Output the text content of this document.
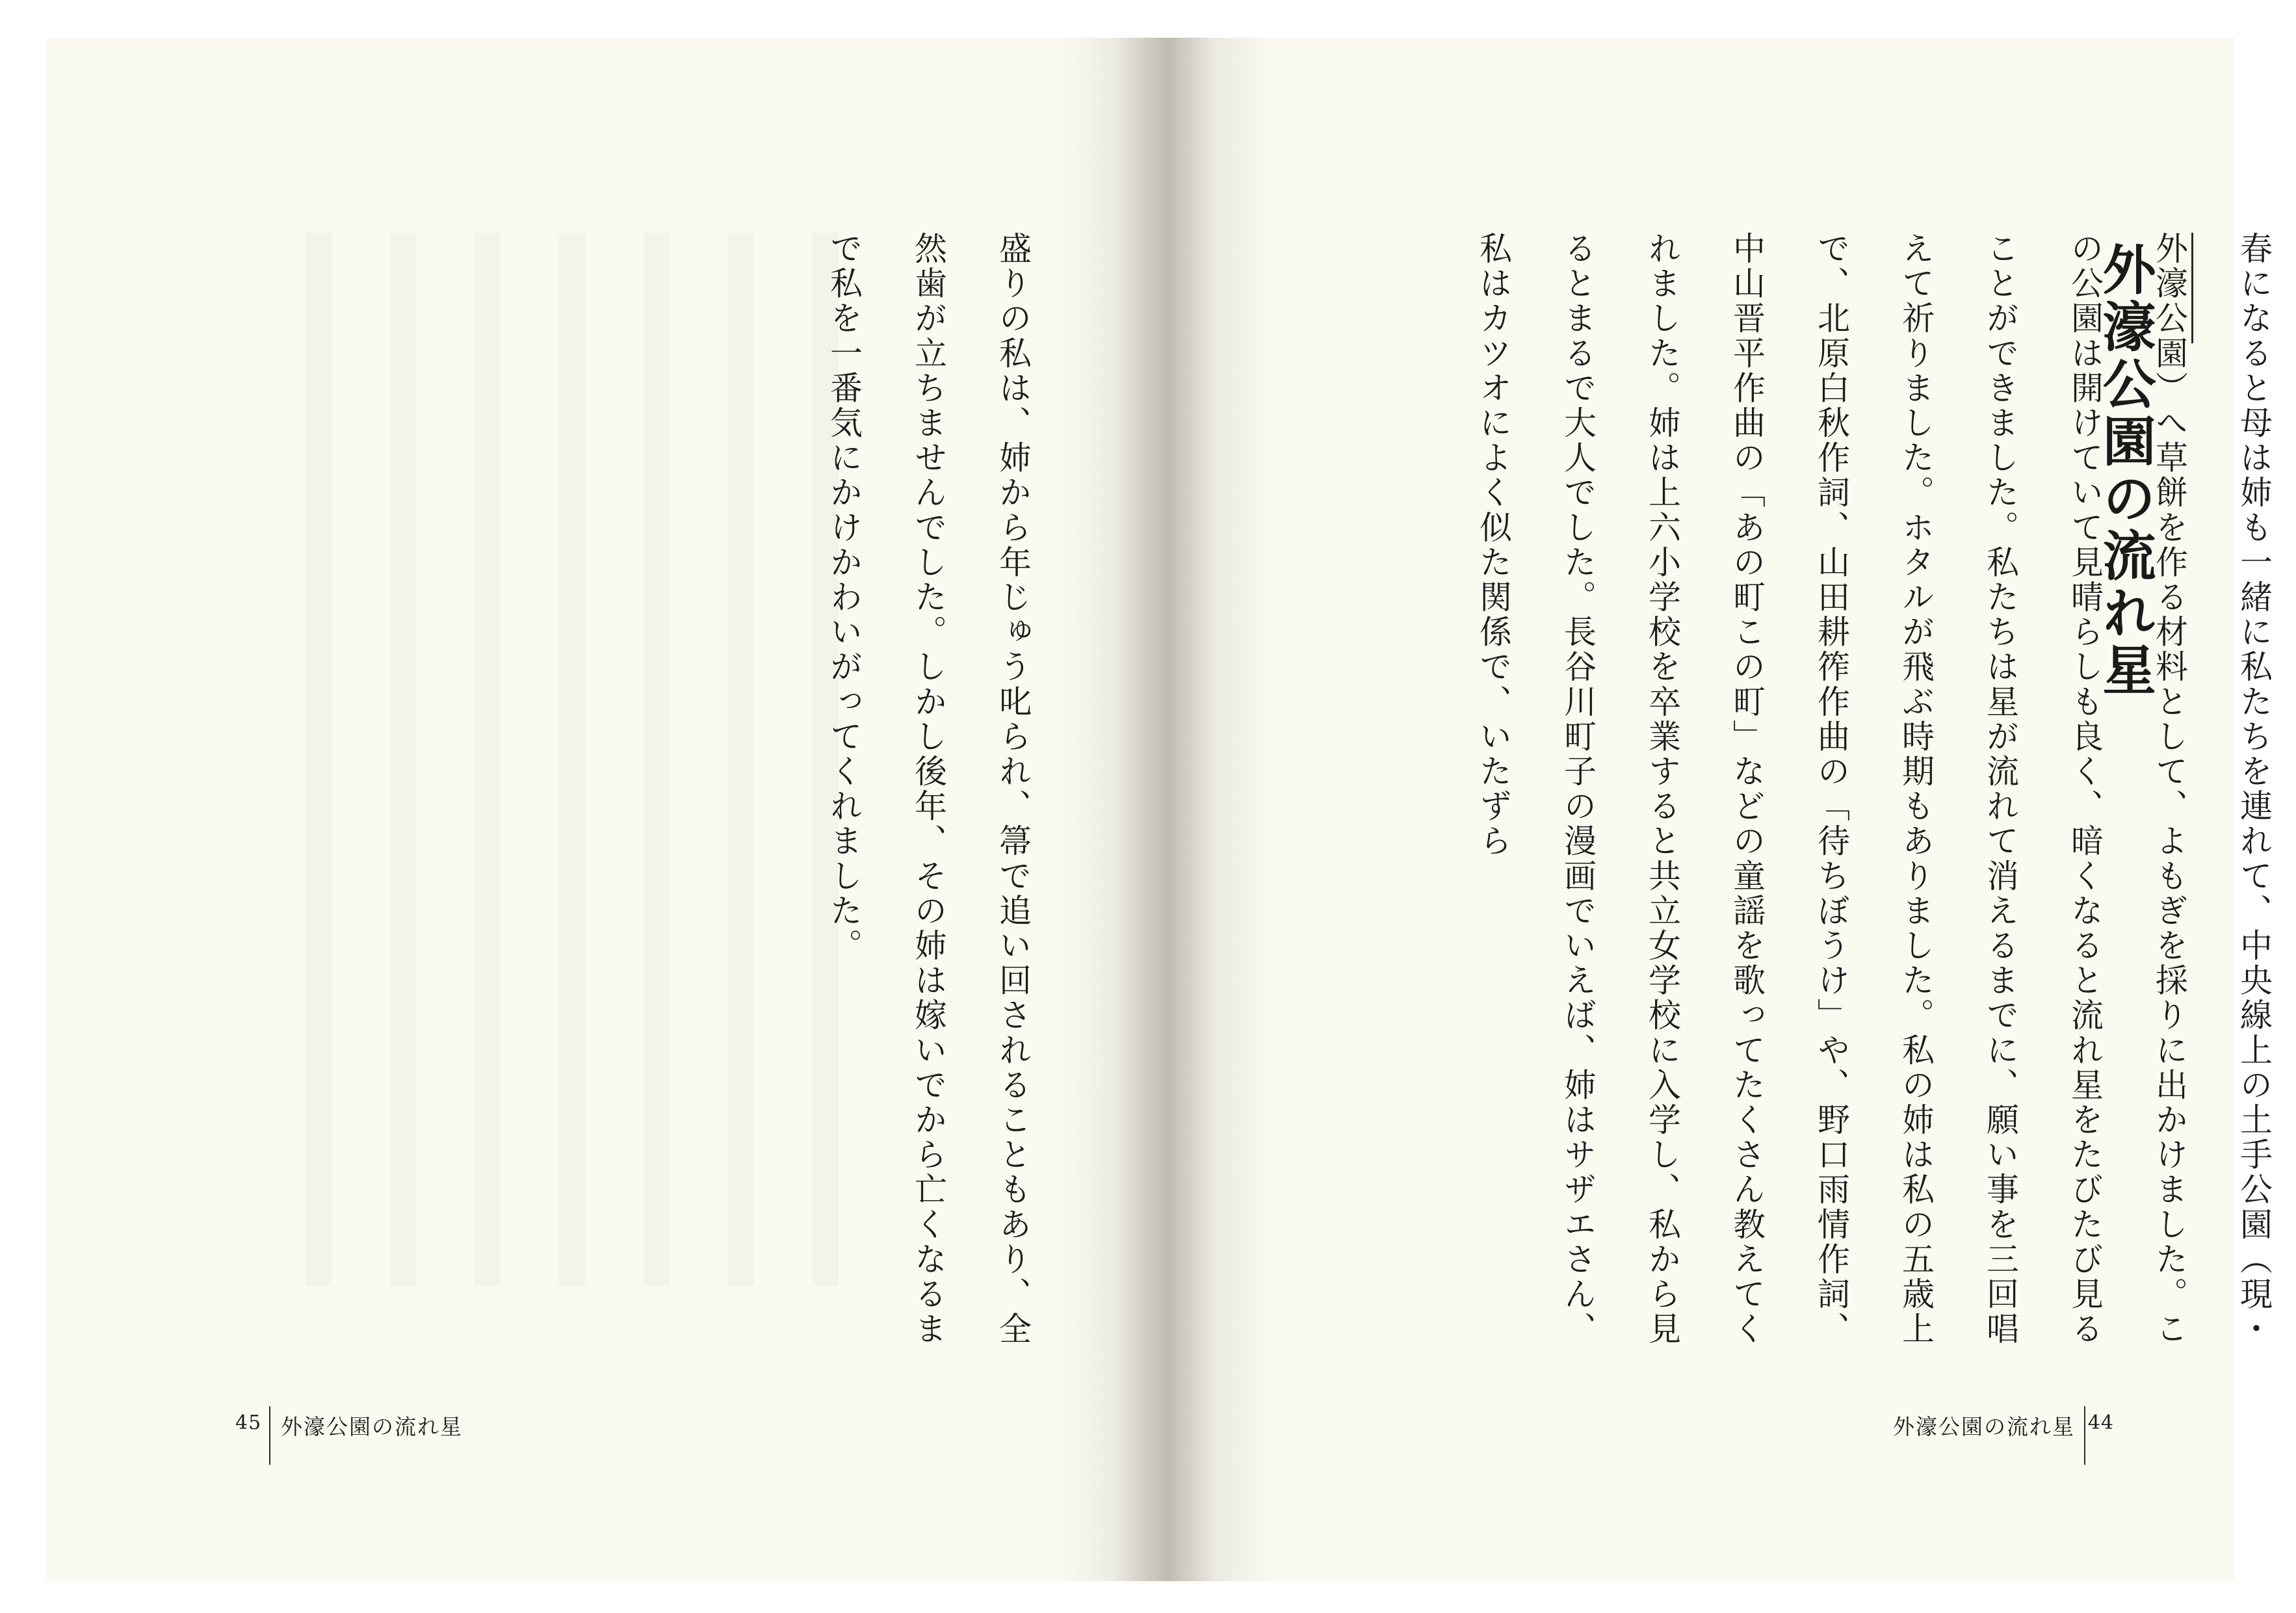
盛りの私は、姉から年じゅう叱られ、箒で追い回されることもあり、全然歯が立ちませんでした。しかし後年、その姉は嫁いでから亡くなるまで私を一番気にかけかわいがってくれました。

45 外濠公園の流れ星
外濠公園の流れ星	春になると母は姉も一緒に私たちを連れて、中央線上の土手公園（現・外濠公園）へ草餅を作る材料として、よもぎを採りに出かけました。この公園は開けていて見晴らしも良く、暗くなると流れ星をたびたび見ることができました。私たちは星が流れて消えるまでに、願い事を三回唱えて祈りました。ホタルが飛ぶ時期もありました。私の姉は私の五歳上で、北原白秋作詞、山田耕筰作曲の「待ちぼうけ」や、野口雨情作詞、中山晋平作曲の「あの町この町」などの童謡を歌ってたくさん教えてくれました。姉は上六小学校を卒業すると共立女学校に入学し、私から見るとまるで大人でした。長谷川町子の漫画でいえば、姉はサザエさん、私はカツオによく似た関係で、いたずら

外濠公園の流れ星 44
